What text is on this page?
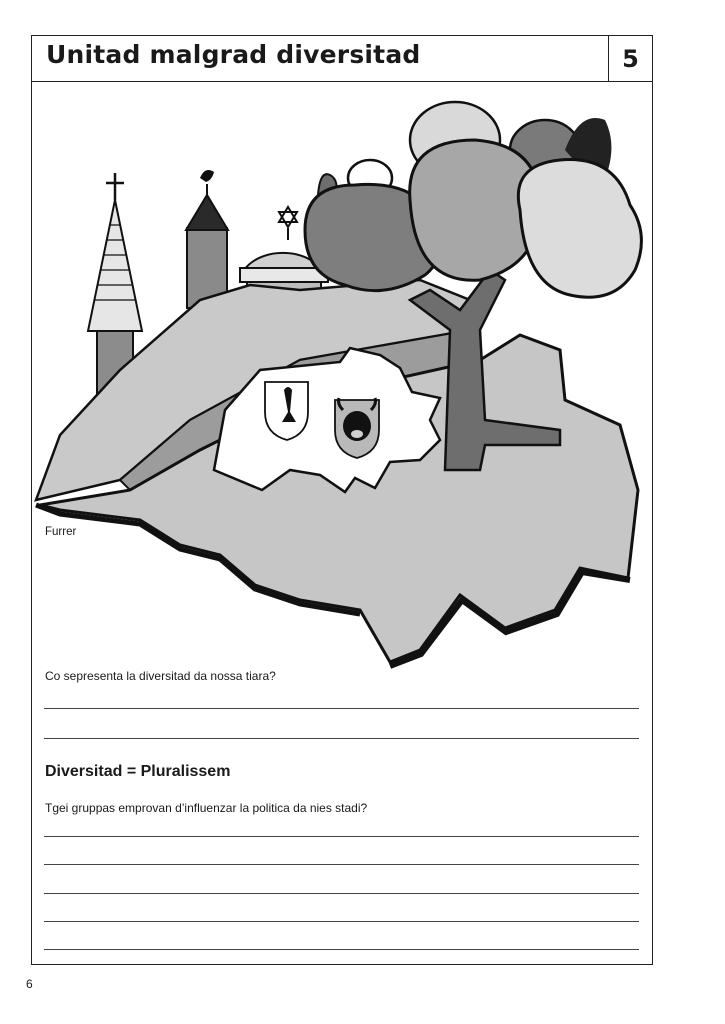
Unitad malgrad diversitad	5
Furrer
Co sepresenta la diversitad da nossa tiara?
Diversitad = Pluralissem
Tgei gruppas emprovan d’influenzar la politica da nies stadi?
6
